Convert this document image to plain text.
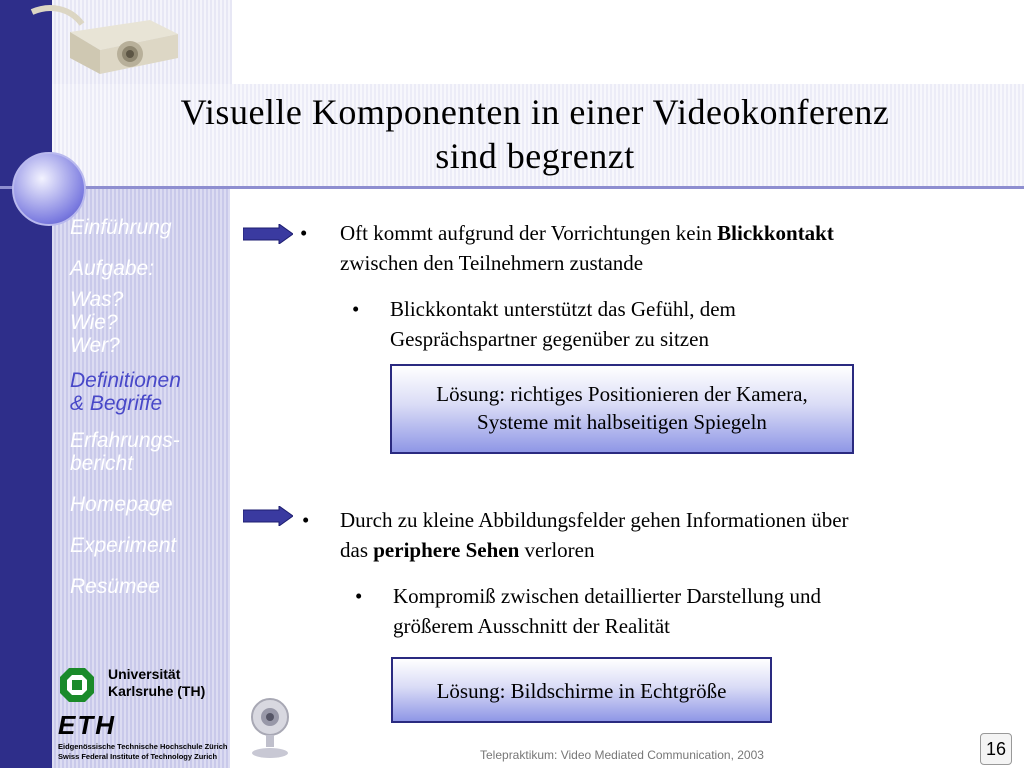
Visuelle Komponenten in einer Videokonferenz
sind begrenzt
Einführung
Aufgabe:
Was?
Wie?
Wer?
Definitionen
& Begriffe
Erfahrungs-
bericht
Homepage
Experiment
Resümee
Universität
Karlsruhe (TH)
ETH
Eidgenössische Technische Hochschule Zürich
Swiss Federal Institute of Technology Zurich
• Oft kommt aufgrund der Vorrichtungen kein Blickkontakt
zwischen den Teilnehmern zustande
• Blickkontakt unterstützt das Gefühl, dem
Gesprächspartner gegenüber zu sitzen
Lösung: richtiges Positionieren der Kamera,
Systeme mit halbseitigen Spiegeln
• Durch zu kleine Abbildungsfelder gehen Informationen über
das periphere Sehen verloren
• Kompromiß zwischen detaillierter Darstellung und
größerem Ausschnitt der Realität
Lösung: Bildschirme in Echtgröße
Telepraktikum: Video Mediated Communication, 2003	16
